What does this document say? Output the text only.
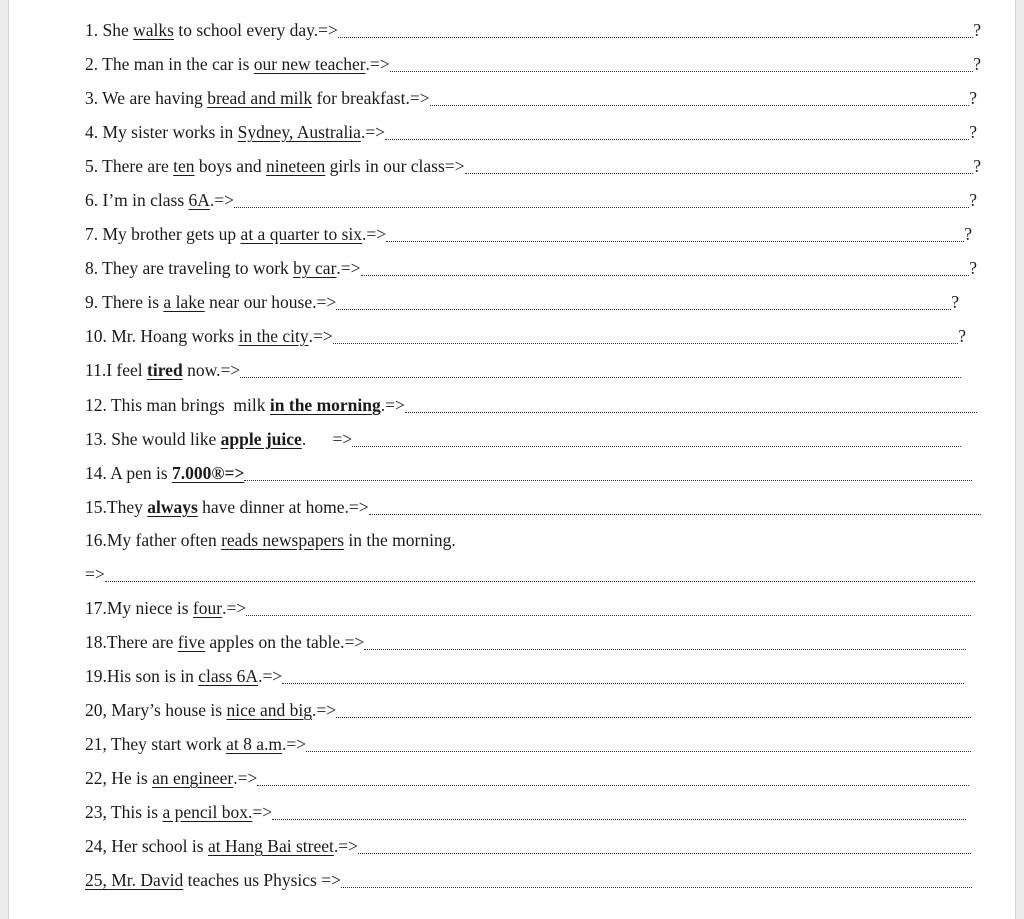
1. She walks to school every day.=>	?
2. The man in the car is our new teacher .=>	?
3. We are having bread and milk for breakfast.=>	?
4. My sister works in Sydney, Australia .=>	?
5. There are ten boys and nineteen girls in our class=>	?
6. I’m in class 6A .=>	?
7. My brother gets up at a quarter to six .=>	?
8. They are traveling to work by car .=>	?
9. There is a lake near our house.=>	?
10. Mr. Hoang works in the city .=>	?
11.I feel tired now.=>
12. This man brings  milk in the morning .=>
13. She would like apple juice .      =>
14. A pen is 7.000®=>
15.They always have dinner at home.=>
16.My father often reads newspapers in the morning.
=>
17.My niece is four .=>
18.There are five apples on the table.=>
19.His son is in class 6A .=>
20, Mary’s house is nice and big .=>
21, They start work at 8 a.m .=>
22, He is an engineer .=>
23, This is a pencil box. =>
24, Her school is at Hang Bai street .=>
25, Mr. David teaches us Physics =>
